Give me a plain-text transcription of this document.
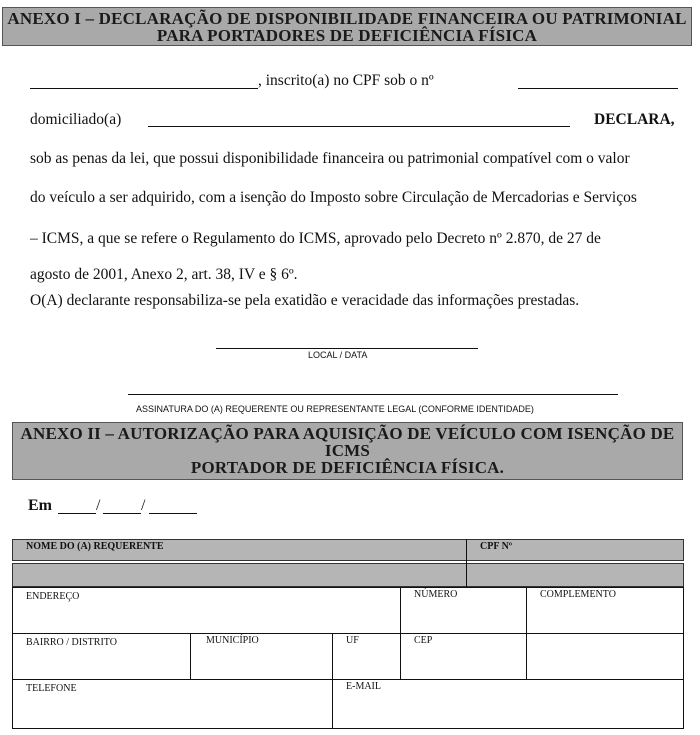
ANEXO I – DECLARAÇÃO DE DISPONIBILIDADE FINANCEIRA OU PATRIMONIAL
PARA PORTADORES DE DEFICIÊNCIA FÍSICA
, inscrito(a) no CPF sob o nº
domiciliado(a)	DECLARA,
sob as penas da lei, que possui disponibilidade financeira ou patrimonial compatível com o valor
do veículo a ser adquirido, com a isenção do Imposto sobre Circulação de Mercadorias e Serviços
– ICMS, a que se refere o Regulamento do ICMS, aprovado pelo Decreto nº 2.870, de 27 de
agosto de 2001, Anexo 2, art. 38, IV e § 6º.
O(A) declarante responsabiliza-se pela exatidão e veracidade das informações prestadas.
LOCAL / DATA
ASSINATURA DO (A) REQUERENTE OU REPRESENTANTE LEGAL (CONFORME IDENTIDADE)
ANEXO II – AUTORIZAÇÃO PARA AQUISIÇÃO DE VEÍCULO COM ISENÇÃO DE
ICMS
PORTADOR DE DEFICIÊNCIA FÍSICA.
Em	/	/
NOME DO (A) REQUERENTE	CPF Nº
ENDEREÇO	NÚMERO	COMPLEMENTO
BAIRRO / DISTRITO	MUNICÍPIO	UF	CEP
TELEFONE	E-MAIL
